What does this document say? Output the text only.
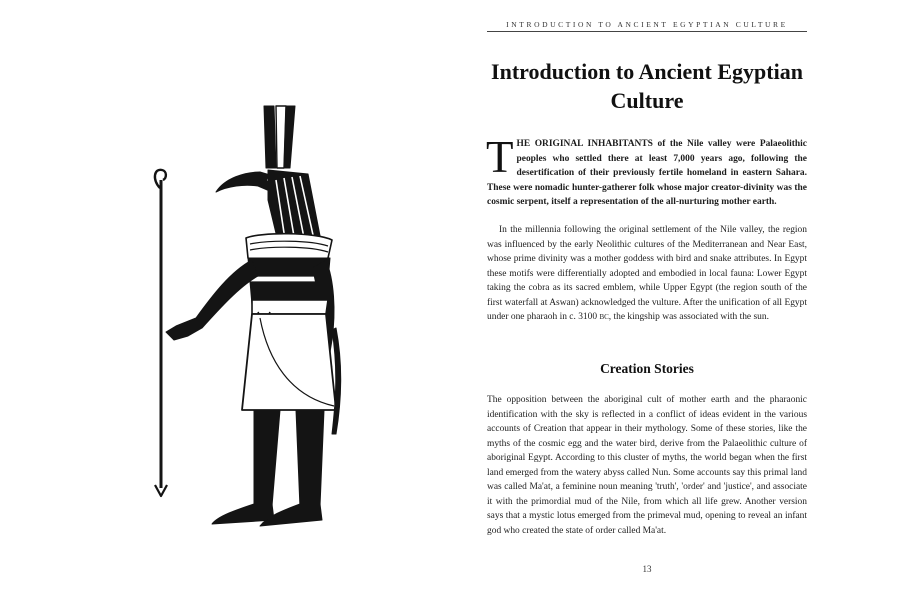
INTRODUCTION TO ANCIENT EGYPTIAN CULTURE
Introduction to Ancient Egyptian Culture

THE ORIGINAL INHABITANTS of the Nile valley were Palaeolithic peoples who settled there at least 7,000 years ago, following the desertification of their previously fertile homeland in eastern Sahara. These were nomadic hunter-gatherer folk whose major creator-divinity was the cosmic serpent, itself a representation of the all-nurturing mother earth.

In the millennia following the original settlement of the Nile valley, the region was influenced by the early Neolithic cultures of the Mediterranean and Near East, whose prime divinity was a mother goddess with bird and snake attributes. In Egypt these motifs were differentially adopted and embodied in local fauna: Lower Egypt taking the cobra as its sacred emblem, while Upper Egypt (the region south of the first waterfall at Aswan) acknowledged the vulture. After the unification of all Egypt under one pharaoh in c. 3100 BC, the kingship was associated with the sun.

Creation Stories

The opposition between the aboriginal cult of mother earth and the pharaonic identification with the sky is reflected in a conflict of ideas evident in the various accounts of Creation that appear in their mythology. Some of these stories, like the myths of the cosmic egg and the water bird, derive from the Palaeolithic culture of aboriginal Egypt. According to this cluster of myths, the world began when the first land emerged from the watery abyss called Nun. Some accounts say this primal land was called Ma'at, a feminine noun meaning 'truth', 'order' and 'justice', and associate it with the primordial mud of the Nile, from which all life grew. Another version says that a mystic lotus emerged from the primeval mud, opening to reveal an infant god who created the state of order called Ma'at.

13
